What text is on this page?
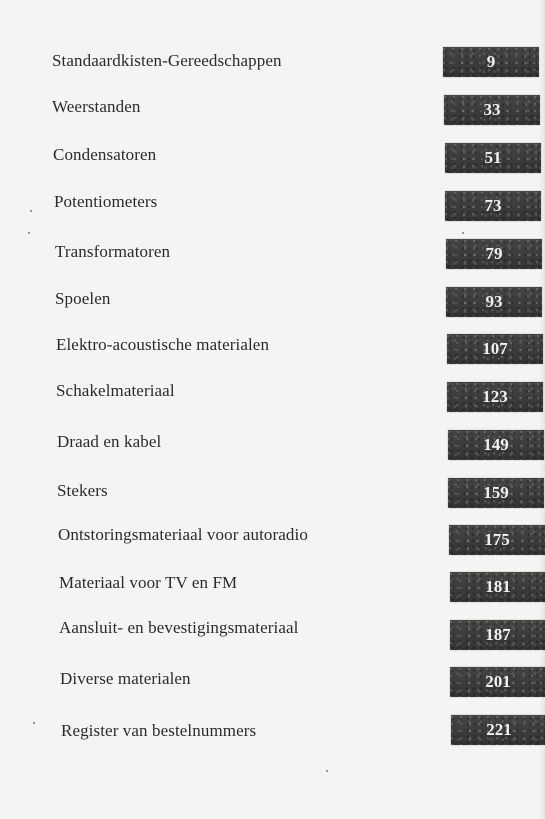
Standaardkisten-Gereedschappen	9
Weerstanden	33
Condensatoren	51
Potentiometers	73
Transformatoren	79
Spoelen	93
Elektro-acoustische materialen	107
Schakelmateriaal	123
Draad en kabel	149
Stekers	159
Ontstoringsmateriaal voor autoradio	175
Materiaal voor TV en FM	181
Aansluit- en bevestigingsmateriaal	187
Diverse materialen	201
Register van bestelnummers	221
